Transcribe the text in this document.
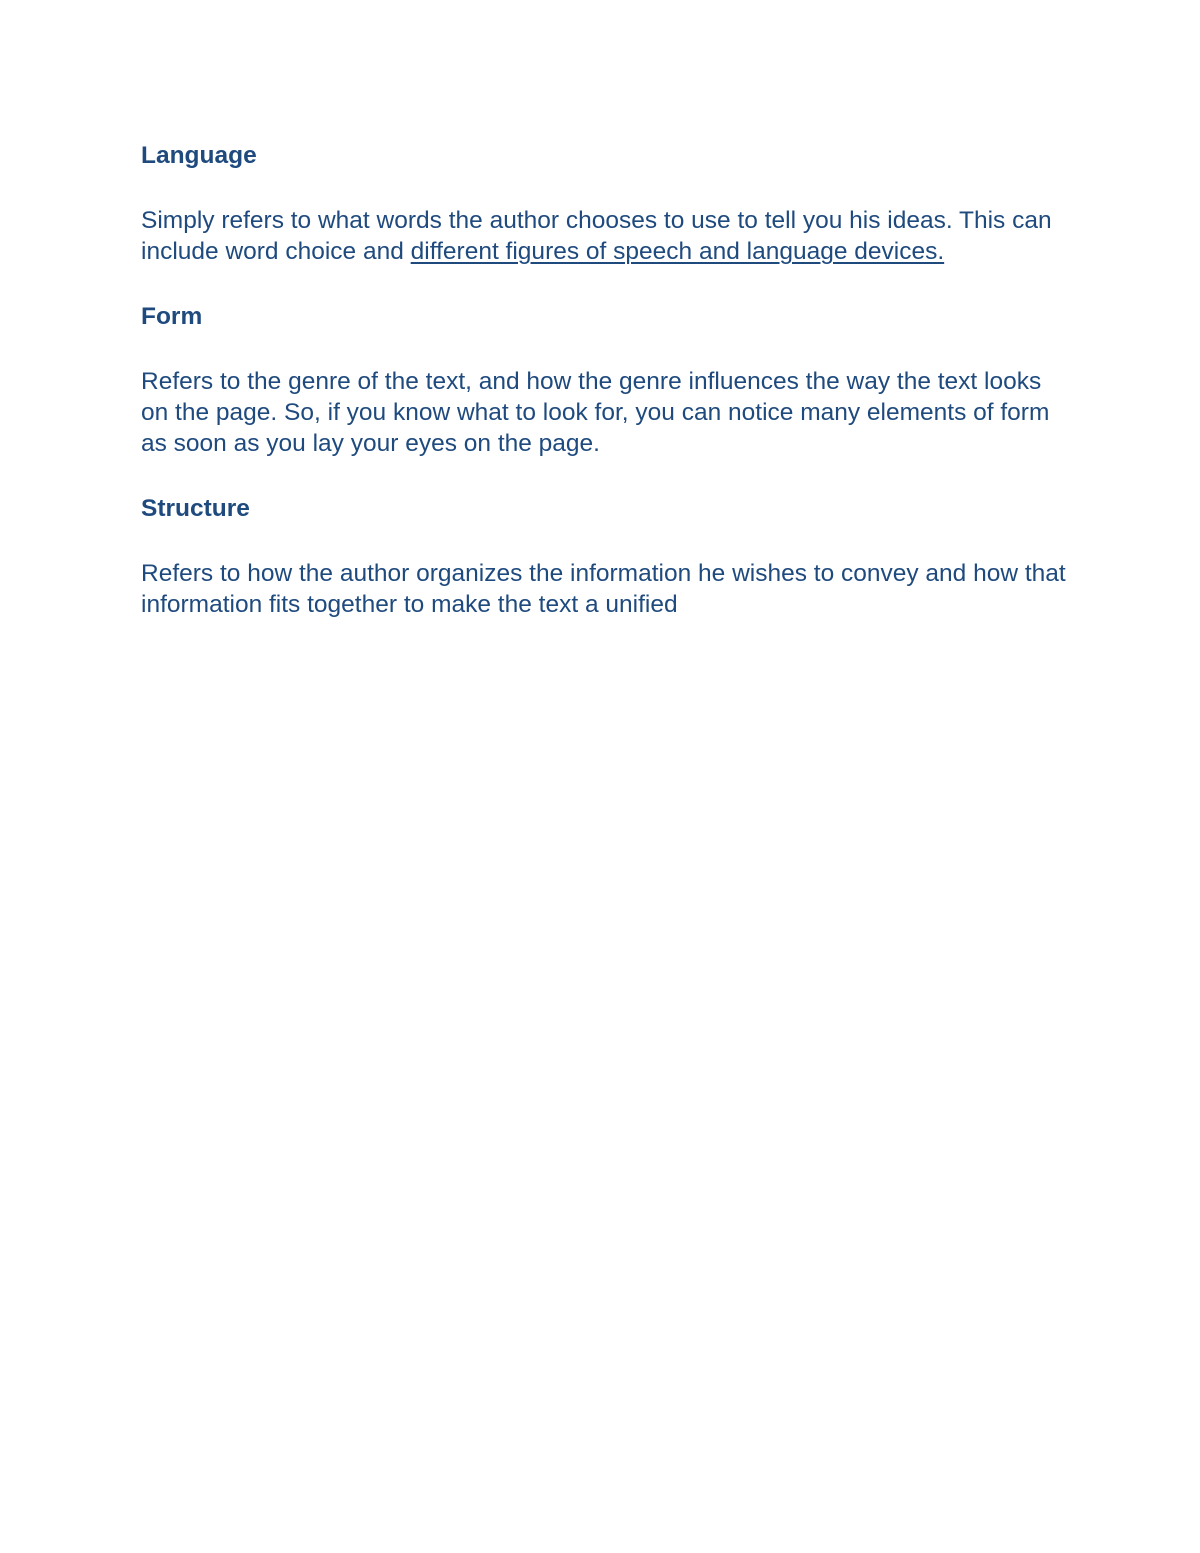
Language
Simply refers to what words the author chooses to use to tell you his ideas. This can include word choice and different figures of speech and language devices.
Form
Refers to the genre of the text, and how the genre influences the way the text looks on the page. So, if you know what to look for, you can notice many elements of form as soon as you lay your eyes on the page.
Structure
Refers to how the author organizes the information he wishes to convey and how that information fits together to make the text a unified
